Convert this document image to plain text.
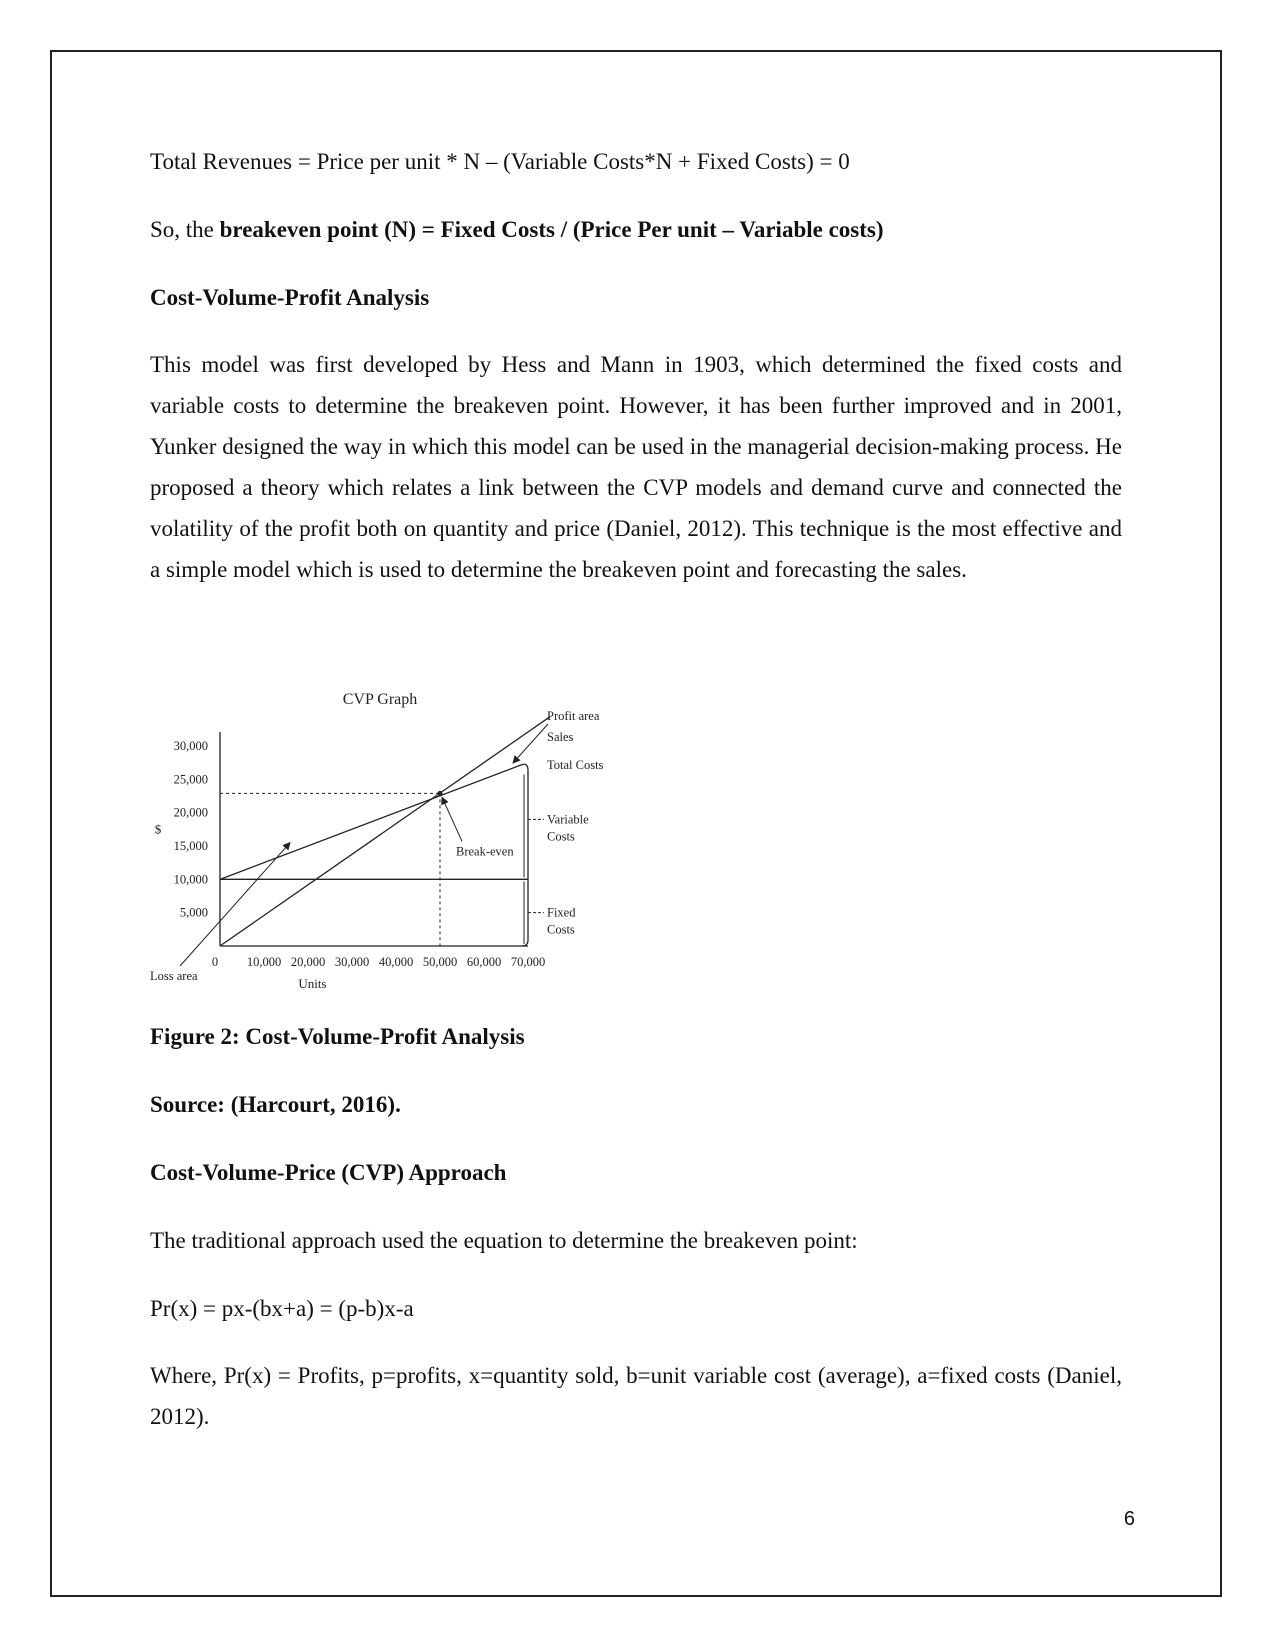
Total Revenues = Price per unit * N – (Variable Costs*N + Fixed Costs) = 0

So, the breakeven point (N) = Fixed Costs / (Price Per unit – Variable costs)

Cost-Volume-Profit Analysis

This model was first developed by Hess and Mann in 1903, which determined the fixed costs and variable costs to determine the breakeven point. However, it has been further improved and in 2001, Yunker designed the way in which this model can be used in the managerial decision-making process. He proposed a theory which relates a link between the CVP models and demand curve and connected the volatility of the profit both on quantity and price (Daniel, 2012). This technique is the most effective and a simple model which is used to determine the breakeven point and forecasting the sales.

CVP Graph
5,000
10,000
15,000
20,000
25,000
30,000
$
0 10,000 20,000 30,000 40,000 50,000 60,000 70,000
Units
Break-even
Profit area
Sales
Total Costs
Variable
Costs
Fixed
Costs
Loss area

Figure 2: Cost-Volume-Profit Analysis

Source: (Harcourt, 2016).

Cost-Volume-Price (CVP) Approach

The traditional approach used the equation to determine the breakeven point:

Pr(x) = px-(bx+a) = (p-b)x-a

Where, Pr(x) = Profits, p=profits, x=quantity sold, b=unit variable cost (average), a=fixed costs (Daniel, 2012).

6
